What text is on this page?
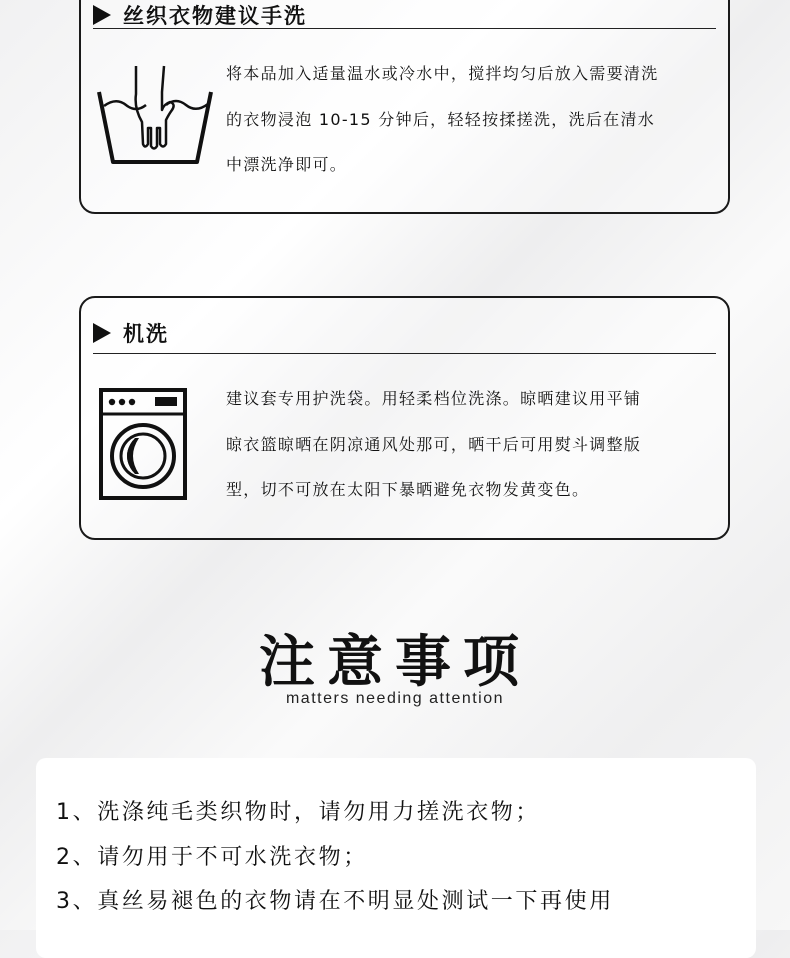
丝织衣物建议手洗
将本品加入适量温水或冷水中，搅拌均匀后放入需要清洗
的衣物浸泡 10-15 分钟后，轻轻按揉搓洗，洗后在清水
中漂洗净即可。
机洗
建议套专用护洗袋。用轻柔档位洗涤。晾晒建议用平铺
晾衣篮晾晒在阴凉通风处那可，晒干后可用熨斗调整版
型，切不可放在太阳下暴晒避免衣物发黄变色。
注意事项
matters needing attention
1、洗涤纯毛类织物时，请勿用力搓洗衣物；
2、请勿用于不可水洗衣物；
3、真丝易褪色的衣物请在不明显处测试一下再使用
